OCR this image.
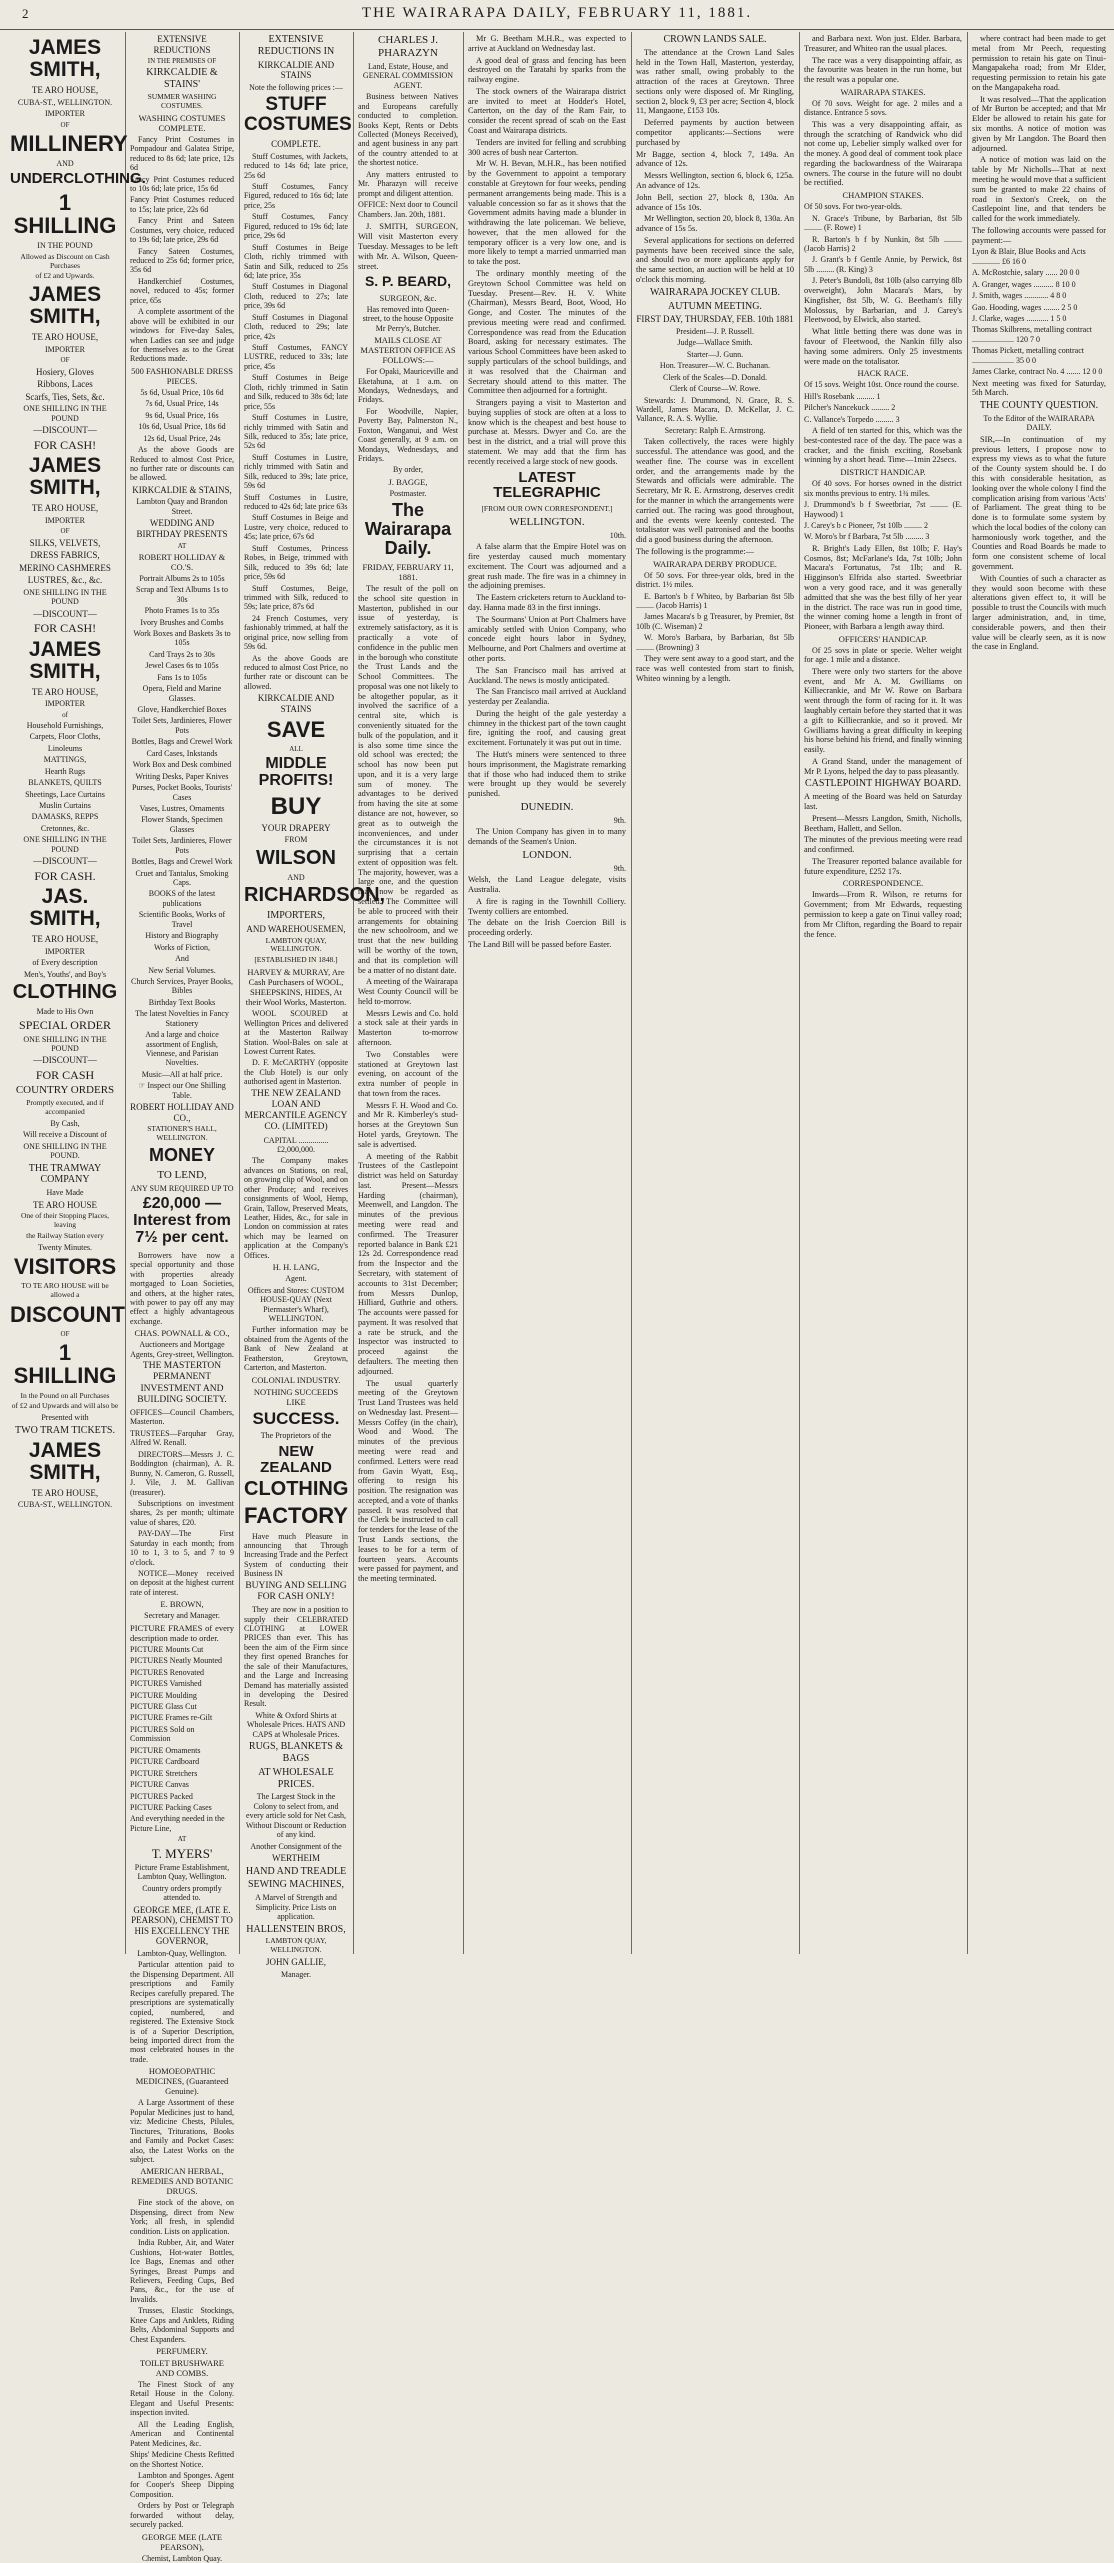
2	THE WAIRARAPA DAILY, FEBRUARY 11, 1881.
JAMES SMITH,
TE ARO HOUSE,
CUBA-ST., WELLINGTON.
IMPORTER
OF
MILLINERY
AND
UNDERCLOTHING.
1 SHILLING
IN THE POUND
Allowed as Discount on Cash Purchases
of £2 and Upwards.
JAMES SMITH,
TE ARO HOUSE,
IMPORTER
OF
Hosiery, Gloves
Ribbons, Laces
Scarfs, Ties, Sets, &c.
ONE SHILLING IN THE POUND
—DISCOUNT—
FOR CASH!
JAMES SMITH,
TE ARO HOUSE,
IMPORTER
OF
SILKS, VELVETS,
DRESS FABRICS,
MERINO CASHMERES
LUSTRES, &c., &c.
ONE SHILLING IN THE POUND
—DISCOUNT—
FOR CASH!
JAMES SMITH,
TE ARO HOUSE,
IMPORTER
of
Household Furnishings,
Carpets, Floor Cloths,
Linoleums
MATTINGS,
Hearth Rugs
BLANKETS, QUILTS
Sheetings, Lace Curtains
Muslin Curtains
DAMASKS, REPPS
Cretonnes, &c.
ONE SHILLING IN THE POUND
—DISCOUNT—
FOR CASH.
JAS. SMITH,
TE ARO HOUSE,
IMPORTER
of Every description
Men's, Youths', and Boy's
CLOTHING
Made to His Own
SPECIAL ORDER
ONE SHILLING IN THE POUND
—DISCOUNT—
FOR CASH
COUNTRY ORDERS
Promptly executed, and if accompanied
By Cash,
Will receive a Discount of
ONE SHILLING IN THE POUND.
THE TRAMWAY COMPANY
Have Made
TE ARO HOUSE
One of their Stopping Places, leaving
the Railway Station every
Twenty Minutes.
VISITORS
TO TE ARO HOUSE will be allowed a
DISCOUNT
OF
1 SHILLING
In the Pound on all Purchases
of £2 and Upwards and will also be
Presented with
TWO TRAM TICKETS.
JAMES SMITH,
TE ARO HOUSE,
CUBA-ST., WELLINGTON.
EXTENSIVE REDUCTIONS
IN THE PREMISES OF
KIRKCALDIE & STAINS'
SUMMER WASHING COSTUMES.
WASHING COSTUMES COMPLETE.
Fancy Print Costumes in Pompadour and Galatea Stripe, reduced to 8s 6d; late price, 12s 6d
Fancy Print Costumes reduced to 10s 6d; late price, 15s 6d
Fancy Print Costumes reduced to 15s; late price, 22s 6d
Fancy Print and Sateen Costumes, very choice, reduced to 19s 6d; late price, 29s 6d
Fancy Sateen Costumes, reduced to 25s 6d; former price, 35s 6d
Handkerchief Costumes, novel, reduced to 45s; former price, 65s
A complete assortment of the above will be exhibited in our windows for Five-day Sales, when Ladies can see and judge for themselves as to the Great Reductions made.
500 FASHIONABLE DRESS PIECES.
5s 6d, Usual Price, 10s 6d
7s 6d, Usual Price, 14s
9s 6d, Usual Price, 16s
10s 6d, Usual Price, 18s 6d
12s 6d, Usual Price, 24s
As the above Goods are Reduced to almost Cost Price, no further rate or discounts can be allowed.
KIRKCALDIE & STAINS,
Lambton Quay and Brandon Street.
WEDDING AND BIRTHDAY PRESENTS
AT
ROBERT HOLLIDAY & CO.'S.
Portrait Albums 2s to 105s
Scrap and Text Albums 1s to 30s
Photo Frames 1s to 35s
Ivory Brushes and Combs
Work Boxes and Baskets 3s to 105s
Card Trays 2s to 30s
Jewel Cases 6s to 105s
Fans 1s to 105s
Opera, Field and Marine Glasses.
Glove, Handkerchief Boxes
Toilet Sets, Jardinieres, Flower Pots
Bottles, Bags and Crewel Work
Card Cases, Inkstands
Work Box and Desk combined
Writing Desks, Paper Knives
Purses, Pocket Books, Tourists' Cases
Vases, Lustres, Ornaments
Flower Stands, Specimen Glasses
Toilet Sets, Jardinieres, Flower Pots
Bottles, Bags and Crewel Work
Cruet and Tantalus, Smoking Caps.
BOOKS of the latest publications
Scientific Books, Works of Travel
History and Biography
Works of Fiction,
And
New Serial Volumes.
Church Services, Prayer Books, Bibles
Birthday Text Books
The latest Novelties in Fancy Stationery
And a large and choice assortment of English, Viennese, and Parisian Novelties.
Music—All at half price.
☞ Inspect our One Shilling Table.
ROBERT HOLLIDAY AND CO.,
STATIONER'S HALL, WELLINGTON.
MONEY
TO LEND,
ANY SUM REQUIRED UP TO
£20,000 — Interest from 7½ per cent.
Borrowers have now a special opportunity and those with properties already mortgaged to Loan Societies, and others, at the higher rates, with power to pay off any may effect a highly advantageous exchange.
CHAS. POWNALL & CO.,
Auctioneers and Mortgage Agents, Grey-street, Wellington.
THE MASTERTON PERMANENT INVESTMENT AND BUILDING SOCIETY.
OFFICES—Council Chambers, Masterton.
TRUSTEES—Farquhar Gray, Alfred W. Renall.
DIRECTORS—Messrs J. C. Boddington (chairman), A. R. Bunny, N. Cameron, G. Russell, J. Vile, J. M. Gallivan (treasurer).
Subscriptions on investment shares, 2s per month; ultimate value of shares, £20.
PAY-DAY—The First Saturday in each month; from 10 to 1, 3 to 5, and 7 to 9 o'clock.
NOTICE—Money received on deposit at the highest current rate of interest.
E. BROWN,
Secretary and Manager.
PICTURE FRAMES of every description made to order.
PICTURE Mounts Cut
PICTURES Neatly Mounted
PICTURES Renovated
PICTURES Varnished
PICTURE Moulding
PICTURE Glass Cut
PICTURE Frames re-Gilt
PICTURES Sold on Commission
PICTURE Ornaments
PICTURE Cardboard
PICTURE Stretchers
PICTURE Canvas
PICTURES Packed
PICTURE Packing Cases
And everything needed in the Picture Line,
AT
T. MYERS'
Picture Frame Establishment, Lambton Quay, Wellington.
Country orders promptly attended to.
GEORGE MEE, (LATE E. PEARSON), CHEMIST TO HIS EXCELLENCY THE GOVERNOR,
Lambton-Quay, Wellington.
Particular attention paid to the Dispensing Department. All prescriptions and Family Recipes carefully prepared. The prescriptions are systematically copied, numbered, and registered. The Extensive Stock is of a Superior Description, being imported direct from the most celebrated houses in the trade.
HOMOEOPATHIC MEDICINES, (Guaranteed Genuine).
A Large Assortment of these Popular Medicines just to hand, viz: Medicine Chests, Pilules, Tinctures, Triturations, Books and Family and Pocket Cases: also, the Latest Works on the subject.
AMERICAN HERBAL, REMEDIES AND BOTANIC DRUGS.
Fine stock of the above, on Dispensing, direct from New York; all fresh, in splendid condition. Lists on application.
India Rubber, Air, and Water Cushions, Hot-water Bottles, Ice Bags, Enemas and other Syringes, Breast Pumps and Relievers, Feeding Cups, Bed Pans, &c., for the use of Invalids.
Trusses, Elastic Stockings, Knee Caps and Anklets, Riding Belts, Abdominal Supports and Chest Expanders.
PERFUMERY.
TOILET BRUSHWARE AND COMBS.
The Finest Stock of any Retail House in the Colony. Elegant and Useful Presents: inspection invited.
All the Leading English, American and Continental Patent Medicines, &c.
Ships' Medicine Chests Refitted on the Shortest Notice.
Lambton and Sponges. Agent for Cooper's Sheep Dipping Composition.
Orders by Post or Telegraph forwarded without delay, securely packed.
GEORGE MEE (LATE PEARSON),
Chemist, Lambton Quay.
EXTENSIVE REDUCTIONS IN
KIRKCALDIE AND STAINS
Note the following prices :—
STUFF COSTUMES
COMPLETE.
Stuff Costumes, with Jackets, reduced to 14s 6d; late price, 25s 6d
Stuff Costumes, Fancy Figured, reduced to 16s 6d; late price, 25s
Stuff Costumes, Fancy Figured, reduced to 19s 6d; late price, 29s 6d
Stuff Costumes in Beige Cloth, richly trimmed with Satin and Silk, reduced to 25s 6d; late price, 35s
Stuff Costumes in Diagonal Cloth, reduced to 27s; late price, 39s 6d
Stuff Costumes in Diagonal Cloth, reduced to 29s; late price, 42s
Stuff Costumes, FANCY LUSTRE, reduced to 33s; late price, 45s
Stuff Costumes in Beige Cloth, richly trimmed in Satin and Silk, reduced to 38s 6d; late price, 55s
Stuff Costumes in Lustre, richly trimmed with Satin and Silk, reduced to 35s; late price, 52s 6d
Stuff Costumes in Lustre, richly trimmed with Satin and Silk, reduced to 39s; late price, 59s 6d
Stuff Costumes in Lustre, reduced to 42s 6d; late price 63s
Stuff Costumes in Beige and Lustre, very choice, reduced to 45s; late price, 67s 6d
Stuff Costumes, Princess Robes, in Beige, trimmed with Silk, reduced to 39s 6d; late price, 59s 6d
Stuff Costumes, Beige, trimmed with Silk, reduced to 59s; late price, 87s 6d
24 French Costumes, very fashionably trimmed, at half the original price, now selling from 59s 6d.
As the above Goods are reduced to almost Cost Price, no further rate or discount can be allowed.
KIRKCALDIE AND STAINS
SAVE
ALL
MIDDLE PROFITS!
BUY
YOUR DRAPERY
FROM
WILSON
AND
RICHARDSON,
IMPORTERS,
AND WAREHOUSEMEN,
LAMBTON QUAY, WELLINGTON.
[ESTABLISHED IN 1848.]
HARVEY & MURRAY, Are Cash Purchasers of WOOL, SHEEPSKINS, HIDES, At their Wool Works, Masterton.
WOOL SCOURED at Wellington Prices and delivered at the Masterton Railway Station. Wool-Bales on sale at Lowest Current Rates.
D. F. McCARTHY (opposite the Club Hotel) is our only authorised agent in Masterton.
THE NEW ZEALAND LOAN AND MERCANTILE AGENCY CO. (LIMITED)
CAPITAL ............... £2,000,000.
The Company makes advances on Stations, on real, on growing clip of Wool, and on other Produce; and receives consignments of Wool, Hemp, Grain, Tallow, Preserved Meats, Leather, Hides, &c., for sale in London on commission at rates which may be learned on application at the Company's Offices.
H. H. LANG,
Agent.
Offices and Stores: CUSTOM HOUSE-QUAY (Next Piermaster's Wharf), WELLINGTON.
Further information may be obtained from the Agents of the Bank of New Zealand at Featherston, Greytown, Carterton, and Masterton.
COLONIAL INDUSTRY.
NOTHING SUCCEEDS LIKE
SUCCESS.
The Proprietors of the
NEW ZEALAND
CLOTHING
FACTORY
Have much Pleasure in announcing that Through Increasing Trade and the Perfect System of conducting their Business IN
BUYING AND SELLING FOR CASH ONLY!
They are now in a position to supply their CELEBRATED CLOTHING at LOWER PRICES than ever. This has been the aim of the Firm since they first opened Branches for the sale of their Manufactures, and the Large and Increasing Demand has materially assisted in developing the Desired Result.
White & Oxford Shirts at Wholesale Prices. HATS AND CAPS at Wholesale Prices.
RUGS, BLANKETS & BAGS
AT WHOLESALE PRICES.
The Largest Stock in the Colony to select from, and every article sold for Net Cash, Without Discount or Reduction of any kind.
Another Consignment of the
WERTHEIM
HAND AND TREADLE
SEWING MACHINES,
A Marvel of Strength and Simplicity. Price Lists on application.
HALLENSTEIN BROS,
LAMBTON QUAY, WELLINGTON.
JOHN GALLIE,
Manager.
CHARLES J. PHARAZYN
Land, Estate, House, and GENERAL COMMISSION AGENT.
Business between Natives and Europeans carefully conducted to completion. Books Kept, Rents or Debts Collected (Moneys Received), and agent business in any part of the country attended to at the shortest notice.
Any matters entrusted to Mr. Pharazyn will receive prompt and diligent attention.
OFFICE: Next door to Council Chambers. Jan. 20th, 1881.
J. SMITH, SURGEON, Will visit Masterton every Tuesday. Messages to be left with Mr. A. Wilson, Queen-street.
S. P. BEARD,
SURGEON, &c.
Has removed into Queen-street, to the house Opposite Mr Perry's, Butcher.
MAILS CLOSE AT MASTERTON OFFICE AS FOLLOWS:—
For Opaki, Mauriceville and Eketahuna, at 1 a.m. on Mondays, Wednesdays, and Fridays.
For Woodville, Napier, Poverty Bay, Palmerston N., Foxton, Wanganui, and West Coast generally, at 9 a.m. on Mondays, Wednesdays, and Fridays.
By order,
J. BAGGE,
Postmaster.
The Wairarapa Daily.
FRIDAY, FEBRUARY 11, 1881.
The result of the poll on the school site question in Masterton, published in our issue of yesterday, is extremely satisfactory, as it is practically a vote of confidence in the public men in the borough who constitute the Trust Lands and the School Committees. The proposal was one not likely to be altogether popular, as it involved the sacrifice of a central site, which is conveniently situated for the bulk of the population, and it is also some time since the old school was erected; the school has now been put upon, and it is a very large sum of money. The advantages to be derived from having the site at some distance are not, however, so great as to outweigh the inconveniences, and under the circumstances it is not surprising that a certain extent of opposition was felt. The majority, however, was a large one, and the question may now be regarded as settled. The Committee will be able to proceed with their arrangements for obtaining the new schoolroom, and we trust that the new building will be worthy of the town, and that its completion will be a matter of no distant date.
A meeting of the Wairarapa West County Council will be held to-morrow.
Messrs Lewis and Co. hold a stock sale at their yards in Masterton to-morrow afternoon.
Two Constables were stationed at Greytown last evening, on account of the extra number of people in that town from the races.
Messrs F. H. Wood and Co. and Mr R. Kimberley's stud-horses at the Greytown Sun Hotel yards, Greytown. The sale is advertised.
A meeting of the Rabbit Trustees of the Castlepoint district was held on Saturday last. Present—Messrs Harding (chairman), Meenwell, and Langdon. The minutes of the previous meeting were read and confirmed. The Treasurer reported balance in Bank £21 12s 2d. Correspondence read from the Inspector and the Secretary, with statement of accounts to 31st December; from Messrs Dunlop, Hilliard, Guthrie and others. The accounts were passed for payment. It was resolved that a rate be struck, and the Inspector was instructed to proceed against the defaulters. The meeting then adjourned.
The usual quarterly meeting of the Greytown Trust Land Trustees was held on Wednesday last. Present—Messrs Coffey (in the chair), Wood and Wood. The minutes of the previous meeting were read and confirmed. Letters were read from Gavin Wyatt, Esq., offering to resign his position. The resignation was accepted, and a vote of thanks passed. It was resolved that the Clerk be instructed to call for tenders for the lease of the Trust Lands sections, the leases to be for a term of fourteen years. Accounts were passed for payment, and the meeting terminated.
Mr G. Beetham M.H.R., was expected to arrive at Auckland on Wednesday last.
A good deal of grass and fencing has been destroyed on the Taratahi by sparks from the railway engine.
The stock owners of the Wairarapa district are invited to meet at Hodder's Hotel, Carterton, on the day of the Ram Fair, to consider the recent spread of scab on the East Coast and Wairarapa districts.
Tenders are invited for felling and scrubbing 300 acres of bush near Carterton.
Mr W. H. Bevan, M.H.R., has been notified by the Government to appoint a temporary constable at Greytown for four weeks, pending permanent arrangements being made. This is a valuable concession so far as it shows that the Government admits having made a blunder in withdrawing the late policeman. We believe, however, that the men allowed for the temporary officer is a very low one, and is more likely to tempt a married unmarried man to take the post.
The ordinary monthly meeting of the Greytown School Committee was held on Tuesday. Present—Rev. H. V. White (Chairman), Messrs Beard, Boot, Wood, Ho Gonge, and Coster. The minutes of the previous meeting were read and confirmed. Correspondence was read from the Education Board, asking for necessary estimates. The various School Committees have been asked to supply particulars of the school buildings, and it was resolved that the Chairman and Secretary should attend to this matter. The Committee then adjourned for a fortnight.
Strangers paying a visit to Masterton and buying supplies of stock are often at a loss to know which is the cheapest and best house to purchase at. Messrs. Dwyer and Co. are the best in the district, and a trial will prove this statement. We may add that the firm has recently received a large stock of new goods.
LATEST TELEGRAPHIC
[FROM OUR OWN CORRESPONDENT.]
WELLINGTON.
10th.
A false alarm that the Empire Hotel was on fire yesterday caused much momentary excitement. The Court was adjourned and a great rush made. The fire was in a chimney in the adjoining premises.
The Eastern cricketers return to Auckland to-day. Hanna made 83 in the first innings.
The Sourmans' Union at Port Chalmers have amicably settled with Union Company, who concede eight hours labor in Sydney, Melbourne, and Port Chalmers and overtime at other ports.
The San Francisco mail has arrived at Auckland. The news is mostly anticipated.
The San Francisco mail arrived at Auckland yesterday per Zealandia.
During the height of the gale yesterday a chimney in the thickest part of the town caught fire, igniting the roof, and causing great excitement. Fortunately it was put out in time.
The Hutt's miners were sentenced to three hours imprisonment, the Magistrate remarking that if those who had induced them to strike were brought up they would be severely punished.
DUNEDIN.
9th.
The Union Company has given in to many demands of the Seamen's Union.
LONDON.
9th.
Welsh, the Land League delegate, visits Australia.
A fire is raging in the Townhill Colliery. Twenty colliers are entombed.
The debate on the Irish Coercion Bill is proceeding orderly.
The Land Bill will be passed before Easter.
CROWN LANDS SALE.
The attendance at the Crown Land Sales held in the Town Hall, Masterton, yesterday, was rather small, owing probably to the attraction of the races at Greytown. Three sections only were disposed of. Mr Ringling, section 2, block 9, £3 per acre; Section 4, block 11, Mangaone, £153 10s.
Deferred payments by auction between competitor applicants:—Sections were purchased by
Mr Bagge, section 4, block 7, 149a. An advance of 12s.
Messrs Wellington, section 6, block 6, 125a. An advance of 12s.
John Bell, section 27, block 8, 130a. An advance of 15s 10s.
Mr Wellington, section 20, block 8, 130a. An advance of 15s 5s.
Several applications for sections on deferred payments have been received since the sale, and should two or more applicants apply for the same section, an auction will be held at 10 o'clock this morning.
WAIRARAPA JOCKEY CLUB.
AUTUMN MEETING.
FIRST DAY, THURSDAY, FEB. 10th 1881
President—J. P. Russell.
Judge—Wallace Smith.
Starter—J. Gunn.
Hon. Treasurer—W. C. Buchanan.
Clerk of the Scales—D. Donald.
Clerk of Course—W. Rowe.
Stewards: J. Drummond, N. Grace, R. S. Wardell, James Macara, D. McKellar, J. C. Vallance, R. A. S. Wyllie.
Secretary: Ralph E. Armstrong.
Taken collectively, the races were highly successful. The attendance was good, and the weather fine. The course was in excellent order, and the arrangements made by the Stewards and officials were admirable. The Secretary, Mr R. E. Armstrong, deserves credit for the manner in which the arrangements were carried out. The racing was good throughout, and the events were keenly contested. The totalisator was well patronised and the booths did a good business during the afternoon.
The following is the programme:—
WAIRARAPA DERBY PRODUCE.
Of 50 sovs. For three-year olds, bred in the district. 1½ miles.
E. Barton's b f Whiteo, by Barbarian 8st 5lb ......... (Jacob Harris) 1
James Macara's b g Treasurer, by Premier, 8st 10lb (C. Wiseman) 2
W. Moro's Barbara, by Barbarian, 8st 5lb ......... (Browning) 3
They were sent away to a good start, and the race was well contested from start to finish, Whiteo winning by a length.
and Barbara next. Won just. Elder. Barbara, Treasurer, and Whiteo ran the usual places.
The race was a very disappointing affair, as the favourite was beaten in the run home, but the result was a popular one.
WAIRARAPA STAKES.
Of 70 sovs. Weight for age. 2 miles and a distance. Entrance 5 sovs.
This was a very disappointing affair, as through the scratching of Randwick who did not come up, Lebelier simply walked over for the money. A good deal of comment took place regarding the backwardness of the Wairarapa owners. The course in the future will no doubt be rectified.
CHAMPION STAKES.
Of 50 sovs. For two-year-olds.
N. Grace's Tribune, by Barbarian, 8st 5lb ......... (F. Rowe) 1
R. Barton's b f by Nunkin, 8st 5lb ......... (Jacob Harris) 2
J. Grant's b f Gentle Annie, by Perwick, 8st 5lb ......... (R. King) 3
J. Peter's Bundoli, 8st 10lb (also carrying 8lb overweight), John Macara's Mars, by Kingfisher, 8st 5lb, W. G. Beetham's filly Molossus, by Barbarian, and J. Carey's Fleetwood, by Elwick, also started.
What little betting there was done was in favour of Fleetwood, the Nankin filly also having some admirers. Only 25 investments were made on the totalisator.
HACK RACE.
Of 15 sovs. Weight 10st. Once round the course.
Hill's Rosebank ......... 1
Pilcher's Nancekuck ......... 2
C. Vallance's Torpedo ......... 3
A field of ten started for this, which was the best-contested race of the day. The pace was a cracker, and the finish exciting, Rosebank winning by a short head. Time—1min 22secs.
DISTRICT HANDICAP.
Of 40 sovs. For horses owned in the district six months previous to entry. 1¾ miles.
J. Drummond's b f Sweetbriar, 7st ......... (E. Haywood) 1
J. Carey's b c Pioneer, 7st 10lb ......... 2
W. Moro's br f Barbara, 7st 5lb ......... 3
R. Bright's Lady Ellen, 8st 10lb; F. Hay's Cosmos, 8st; McFarlane's Ida, 7st 10lb; John Macara's Fortunatus, 7st 1lb; and R. Higginson's Elfrida also started. Sweetbriar won a very good race, and it was generally admitted that she was the best filly of her year in the district. The race was run in good time, the winner coming home a length in front of Pioneer, with Barbara a length away third.
OFFICERS' HANDICAP.
Of 25 sovs in plate or specie. Welter weight for age. 1 mile and a distance.
There were only two starters for the above event, and Mr A. M. Gwilliams on Killiecrankie, and Mr W. Rowe on Barbara went through the form of racing for it. It was laughably certain before they started that it was a gift to Killiecrankie, and so it proved. Mr Gwilliams having a great difficulty in keeping his horse behind his friend, and finally winning easily.
A Grand Stand, under the management of Mr P. Lyons, helped the day to pass pleasantly.
CASTLEPOINT HIGHWAY BOARD.
A meeting of the Board was held on Saturday last.
Present—Messrs Langdon, Smith, Nicholls, Beetham, Hallett, and Sellon.
The minutes of the previous meeting were read and confirmed.
The Treasurer reported balance available for future expenditure, £252 17s.
CORRESPONDENCE.
Inwards—From R. Wilson, re returns for Government; from Mr Edwards, requesting permission to keep a gate on Tinui valley road; from Mr Clifton, regarding the Board to repair the fence.
where contract had been made to get metal from Mr Peech, requesting permission to retain his gate on Tinui-Mangapakeha road; from Mr Elder, requesting permission to retain his gate on the Mangapakeha road.
It was resolved—That the application of Mr Burton be accepted; and that Mr Elder be allowed to retain his gate for six months. A notice of motion was given by Mr Langdon. The Board then adjourned.
A notice of motion was laid on the table by Mr Nicholls—That at next meeting he would move that a sufficient sum be granted to make 22 chains of road in Sexton's Creek, on the Castlepoint line, and that tenders be called for the work immediately.
The following accounts were passed for payment:—
Lyon & Blair, Blue Books and Acts .............. £6 16 0
A. McRostchie, salary ...... 20 0 0
A. Granger, wages .......... 8 10 0
J. Smith, wages ............ 4 8 0
Gao. Hooding, wages ........ 2 5 0
J. Clarke, wages ........... 1 5 0
Thomas Skilbrens, metalling contract ..................... 120 7 0
Thomas Pickett, metalling contract ..................... 35 0 0
James Clarke, contract No. 4 ....... 12 0 0
Next meeting was fixed for Saturday, 5th March.
THE COUNTY QUESTION.
To the Editor of the WAIRARAPA DAILY.
SIR,—In continuation of my previous letters, I propose now to express my views as to what the future of the County system should be. I do this with considerable hesitation, as looking over the whole colony I find the complication arising from various 'Acts' of Parliament. The great thing to be done is to formulate some system by which the local bodies of the colony can harmoniously work together, and the Counties and Road Boards be made to form one consistent scheme of local government.
With Counties of such a character as they would soon become with these alterations given effect to, it will be possible to trust the Councils with much larger administration, and, in time, considerable powers, and then their value will be clearly seen, as it is now the case in England.
